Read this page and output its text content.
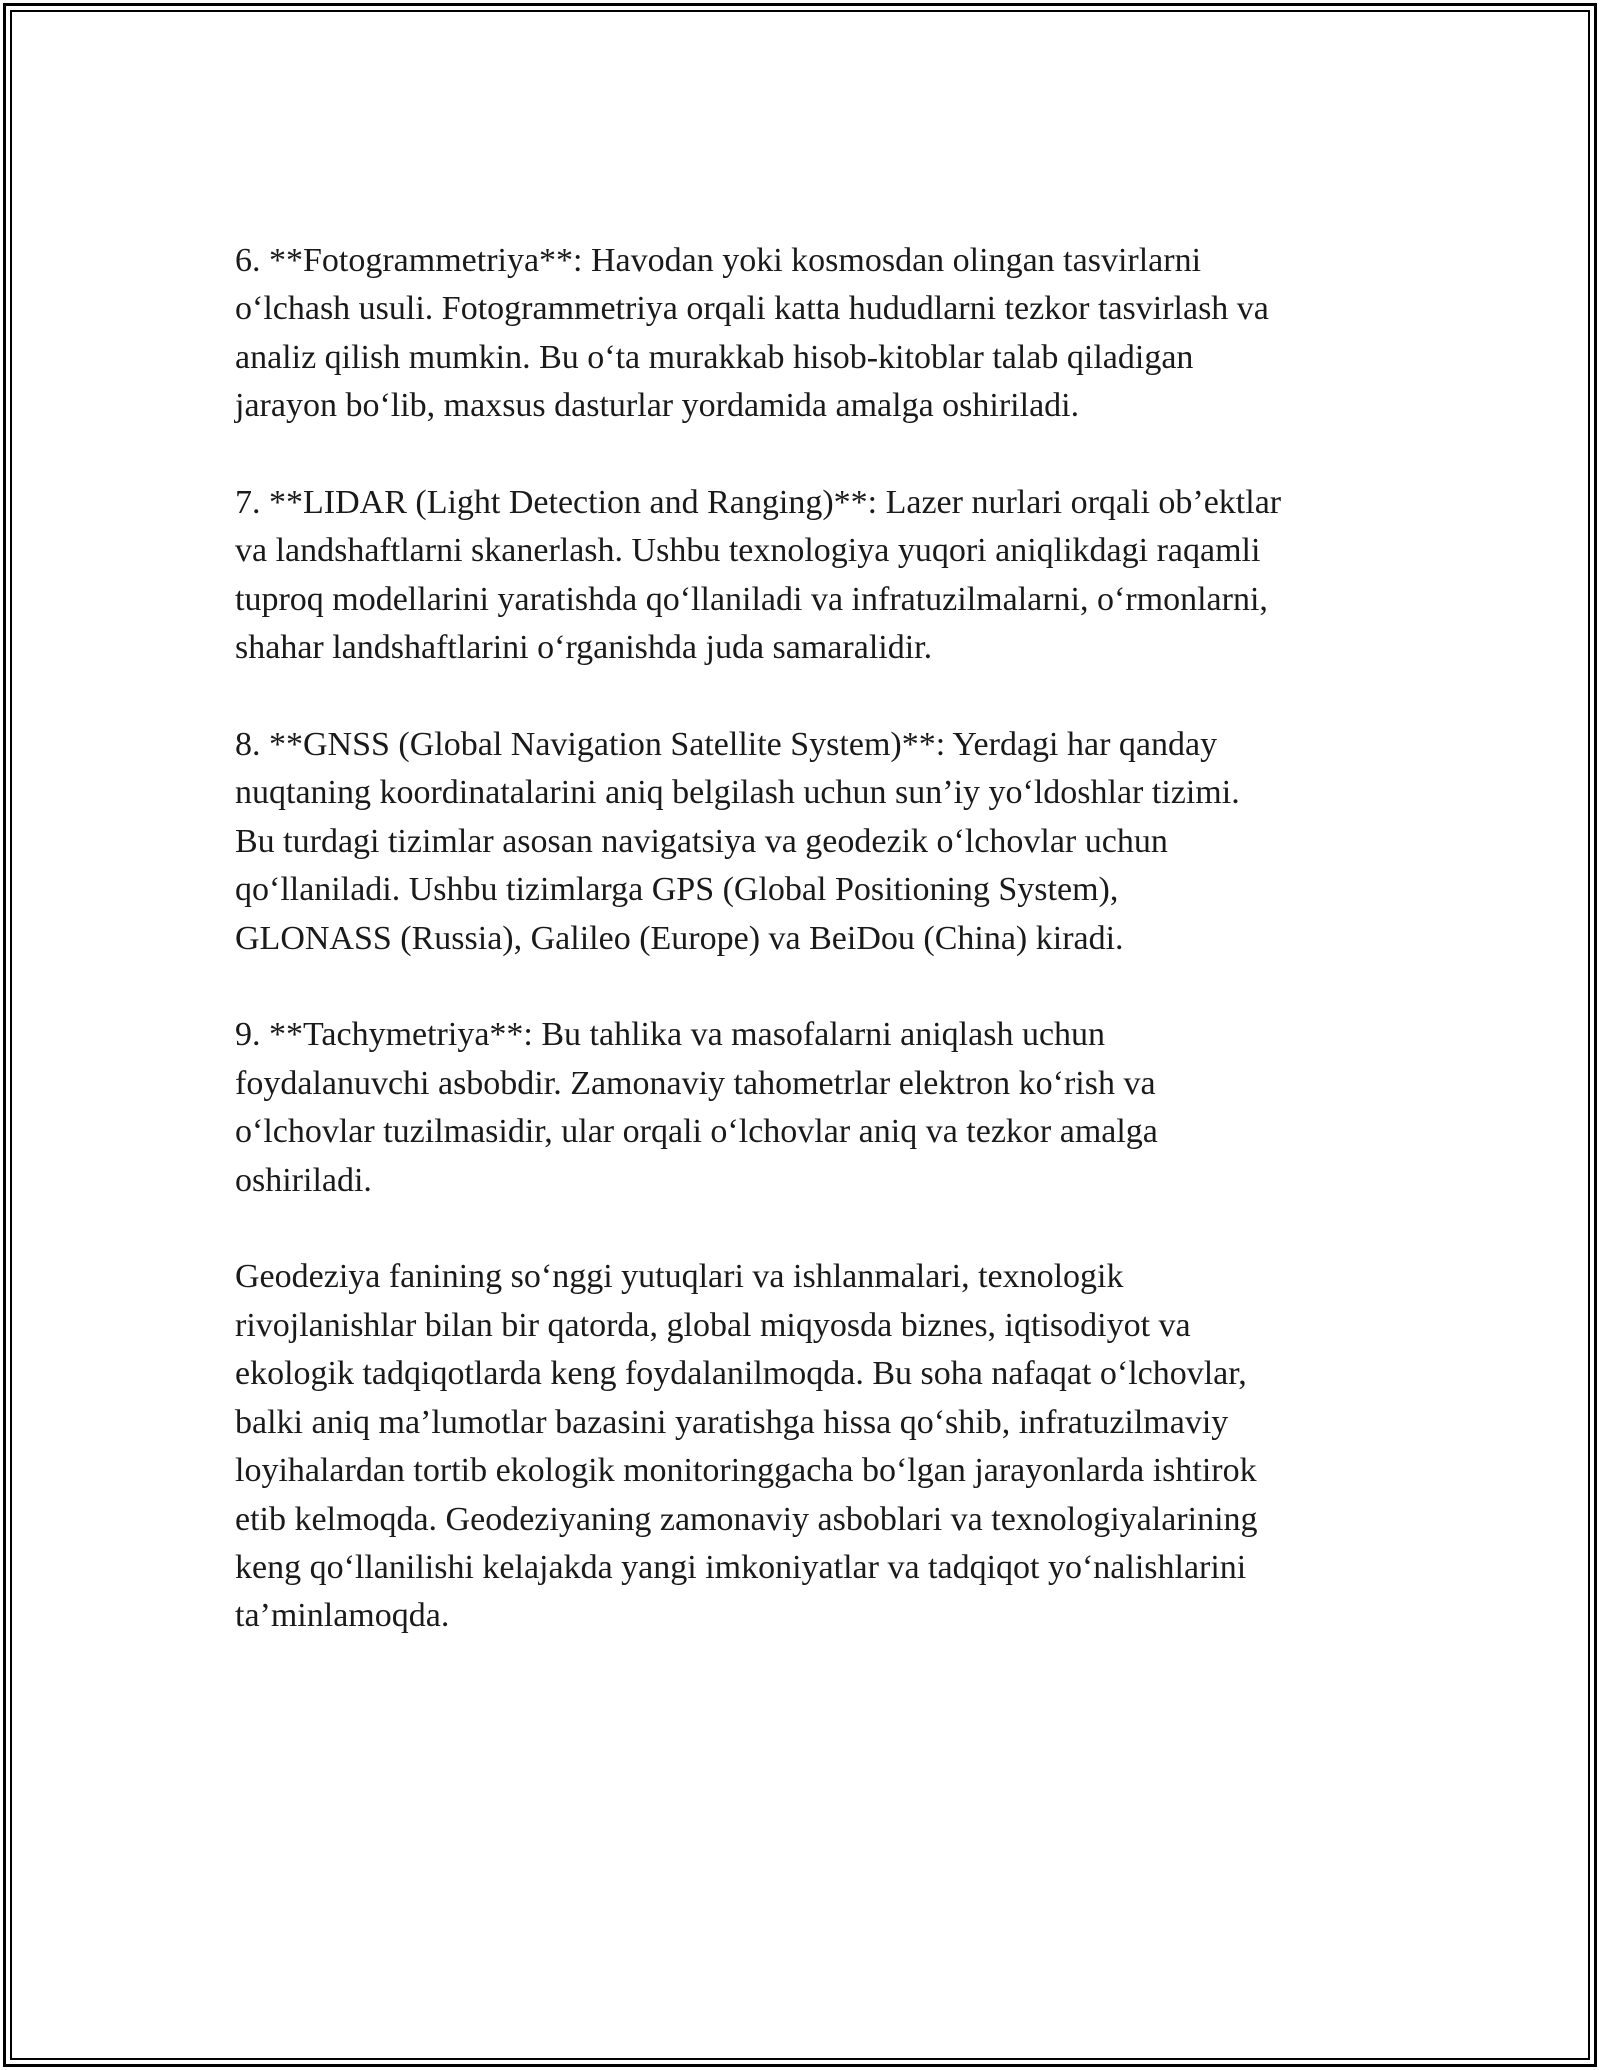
6. **Fotogrammetriya**: Havodan yoki kosmosdan olingan tasvirlarni
o‘lchash usuli. Fotogrammetriya orqali katta hududlarni tezkor tasvirlash va
analiz qilish mumkin. Bu o‘ta murakkab hisob-kitoblar talab qiladigan
jarayon bo‘lib, maxsus dasturlar yordamida amalga oshiriladi.

7. **LIDAR (Light Detection and Ranging)**: Lazer nurlari orqali ob’ektlar
va landshaftlarni skanerlash. Ushbu texnologiya yuqori aniqlikdagi raqamli
tuproq modellarini yaratishda qo‘llaniladi va infratuzilmalarni, o‘rmonlarni,
shahar landshaftlarini o‘rganishda juda samaralidir.

8. **GNSS (Global Navigation Satellite System)**: Yerdagi har qanday
nuqtaning koordinatalarini aniq belgilash uchun sun’iy yo‘ldoshlar tizimi.
Bu turdagi tizimlar asosan navigatsiya va geodezik o‘lchovlar uchun
qo‘llaniladi. Ushbu tizimlarga GPS (Global Positioning System),
GLONASS (Russia), Galileo (Europe) va BeiDou (China) kiradi.

9. **Tachymetriya**: Bu tahlika va masofalarni aniqlash uchun
foydalanuvchi asbobdir. Zamonaviy tahometrlar elektron ko‘rish va
o‘lchovlar tuzilmasidir, ular orqali o‘lchovlar aniq va tezkor amalga
oshiriladi.

Geodeziya fanining so‘nggi yutuqlari va ishlanmalari, texnologik
rivojlanishlar bilan bir qatorda, global miqyosda biznes, iqtisodiyot va
ekologik tadqiqotlarda keng foydalanilmoqda. Bu soha nafaqat o‘lchovlar,
balki aniq ma’lumotlar bazasini yaratishga hissa qo‘shib, infratuzilmaviy
loyihalardan tortib ekologik monitoringgacha bo‘lgan jarayonlarda ishtirok
etib kelmoqda. Geodeziyaning zamonaviy asboblari va texnologiyalarining
keng qo‘llanilishi kelajakda yangi imkoniyatlar va tadqiqot yo‘nalishlarini
ta’minlamoqda.
